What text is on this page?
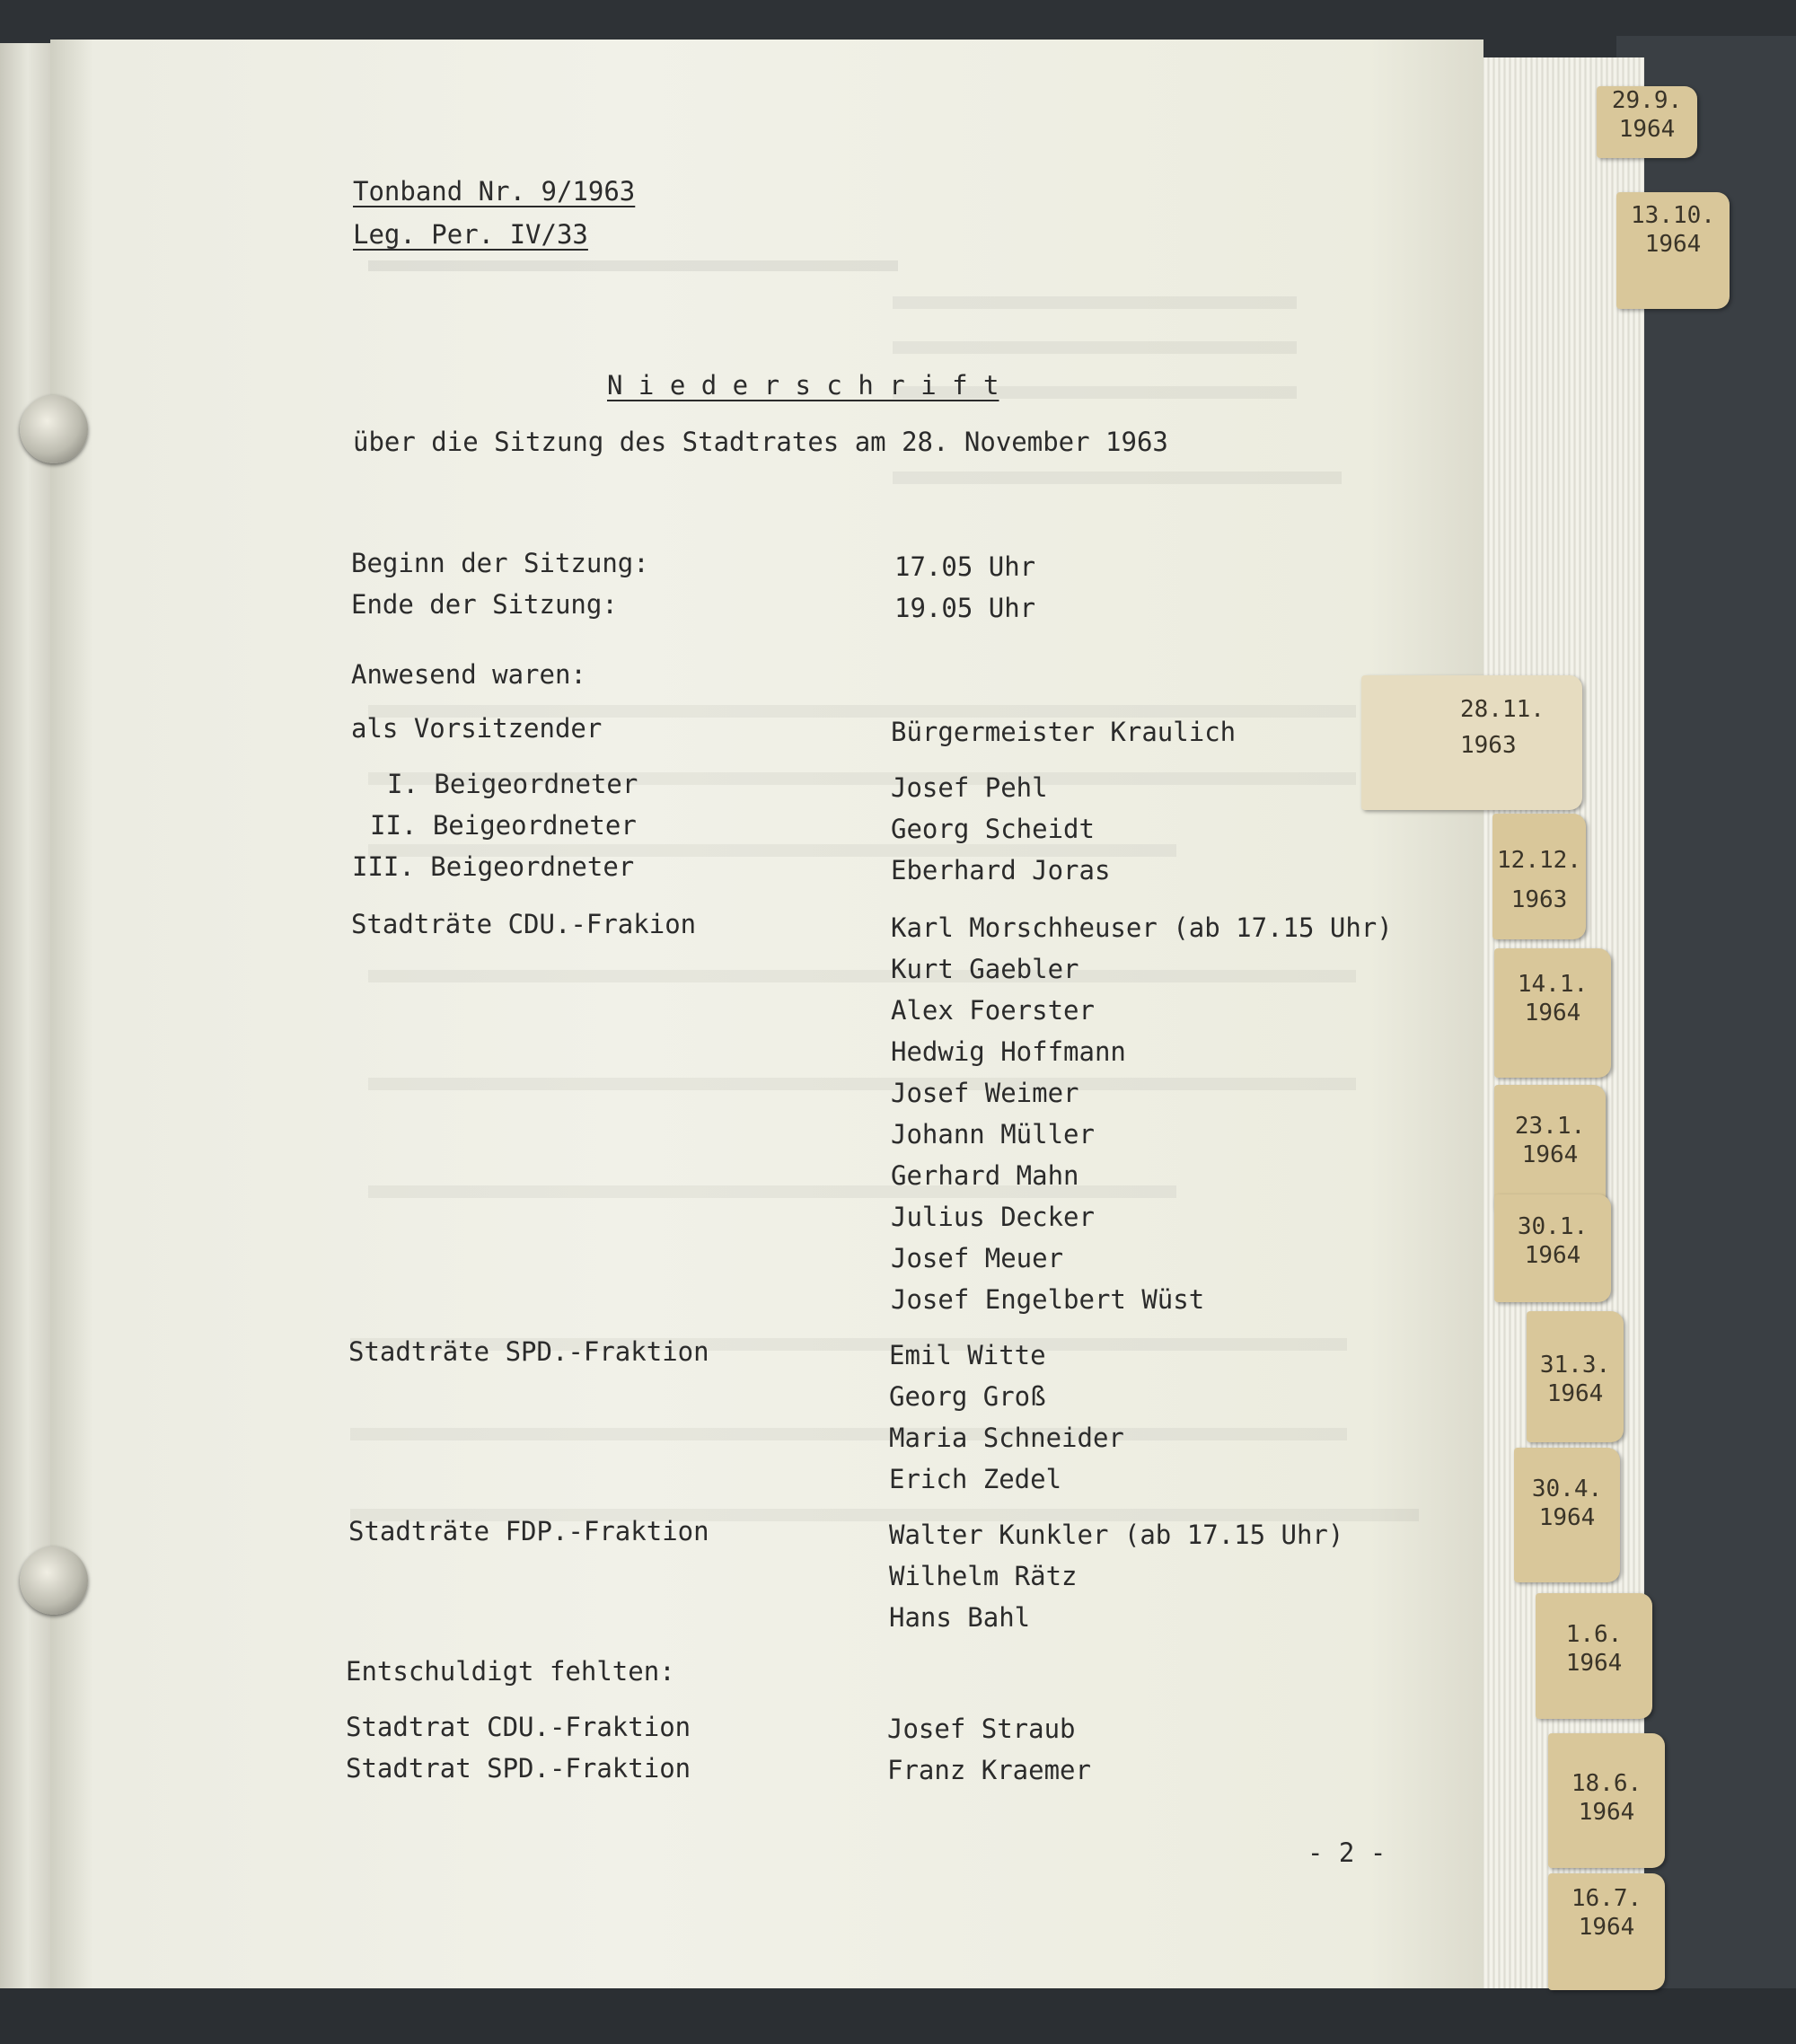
Tonband Nr. 9/1963
Leg. Per. IV/33
N i e d e r s c h r i f t
über die Sitzung des Stadtrates am 28. November 1963
Beginn der Sitzung:	17.05 Uhr
Ende der Sitzung:	19.05 Uhr
Anwesend waren:
als Vorsitzender	Bürgermeister Kraulich
I. Beigeordneter	Josef Pehl
II. Beigeordneter	Georg Scheidt
III. Beigeordneter	Eberhard Joras
Stadträte CDU.-Frakion	Karl Morschheuser (ab 17.15 Uhr)
Kurt Gaebler
Alex Foerster
Hedwig Hoffmann
Josef Weimer
Johann Müller
Gerhard Mahn
Julius Decker
Josef Meuer
Josef Engelbert Wüst
Stadträte SPD.-Fraktion	Emil Witte
Georg Groß
Maria Schneider
Erich Zedel
Stadträte FDP.-Fraktion	Walter Kunkler (ab 17.15 Uhr)
Wilhelm Rätz
Hans Bahl
Entschuldigt fehlten:
Stadtrat CDU.-Fraktion	Josef Straub
Stadtrat SPD.-Fraktion	Franz Kraemer
- 2 -
29.9.
1964
13.10.
1964
28.11.
1963
12.12.
1963
14.1.
1964
23.1.
1964
30.1.
1964
31.3.
1964
30.4.
1964
1.6.
1964
18.6.
1964
16.7.
1964
